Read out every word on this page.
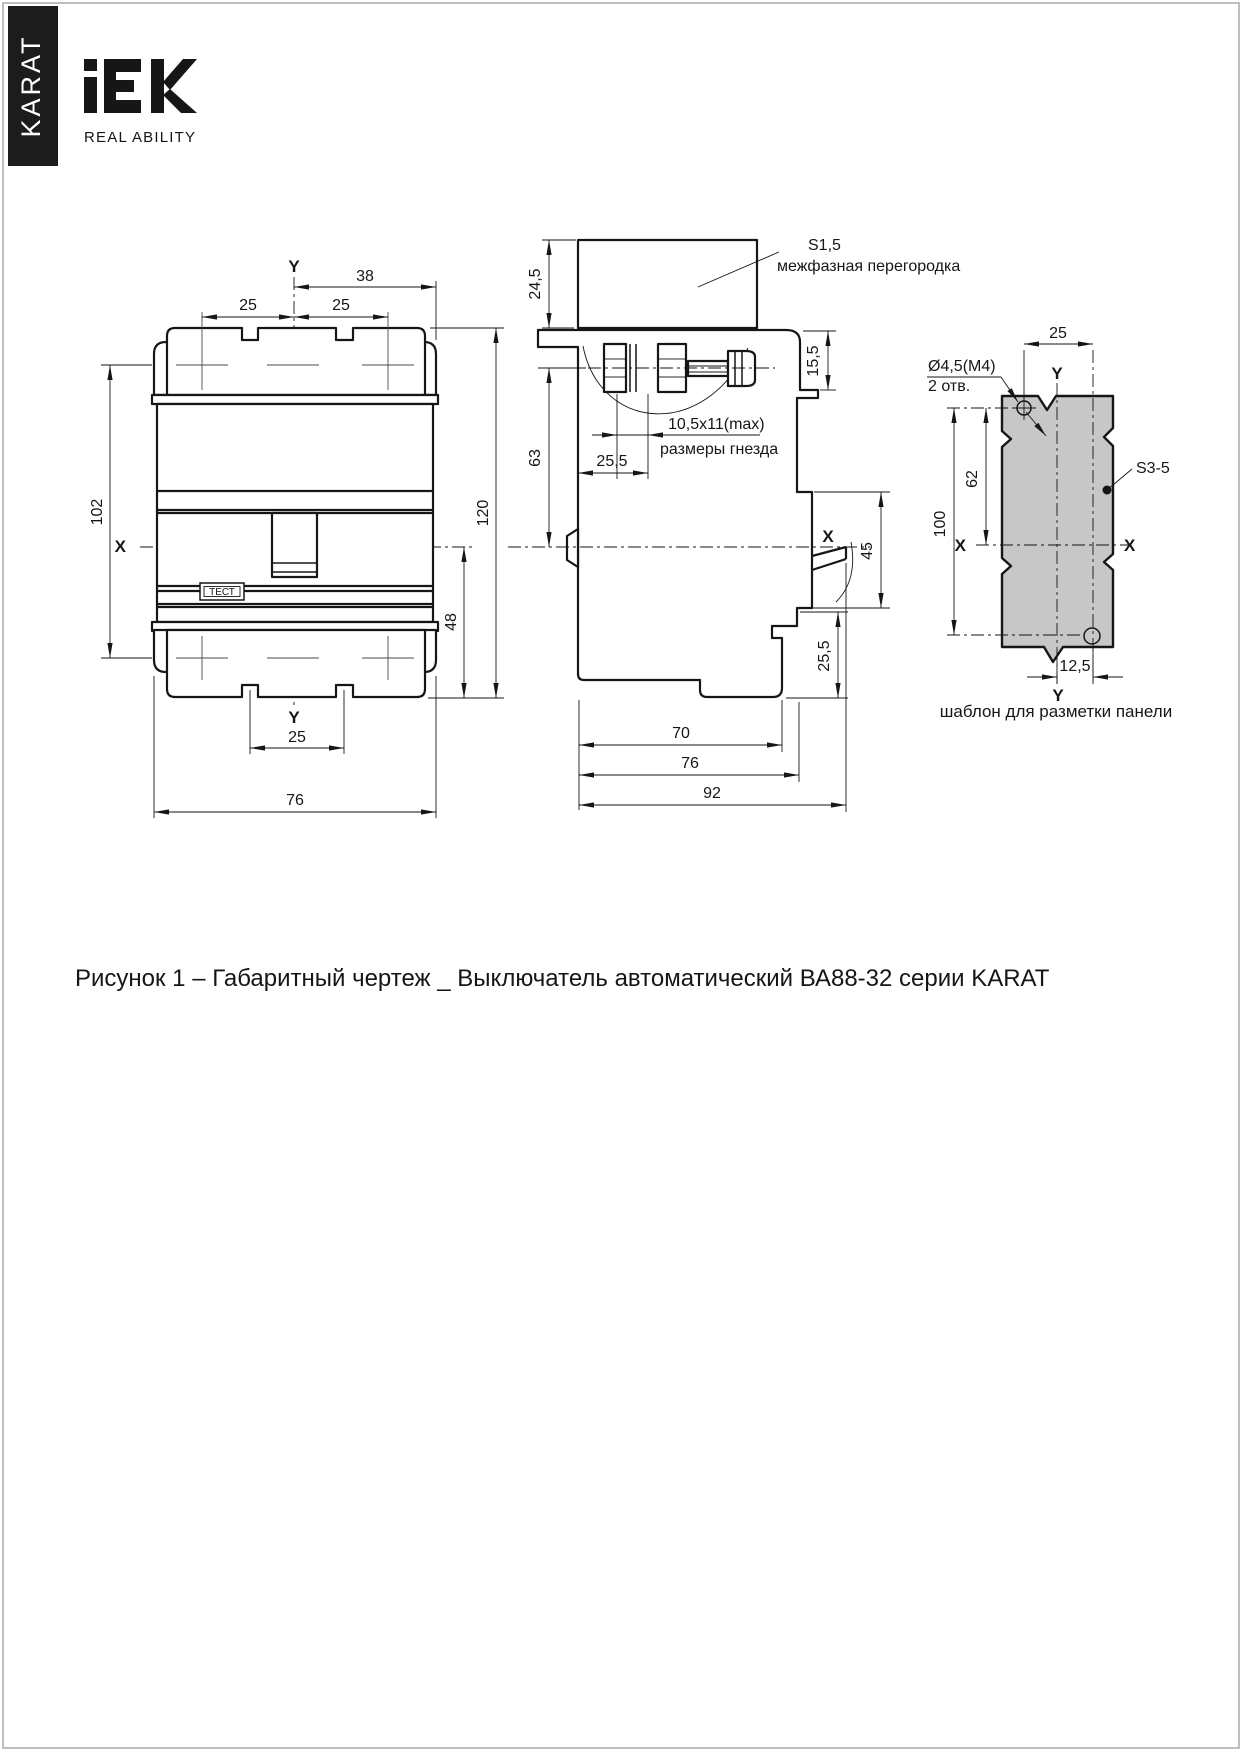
KARAT	REAL ABILITY
ТЕСТ
38
25	25
102	120
48
25
76
Y
Y
X
X
S1,5
межфазная перегородка
24,5
15,5
63
10,5x11(max)
размеры гнезда
25,5
45
25,5
70
76
92
Ø4,5(M4)
2 отв.
S3-5
25
62
100
12,5
Y
Y
X	X
шаблон для разметки панели
Рисунок 1 – Габаритный чертеж _ Выключатель автоматический ВА88-32 серии KARAT
